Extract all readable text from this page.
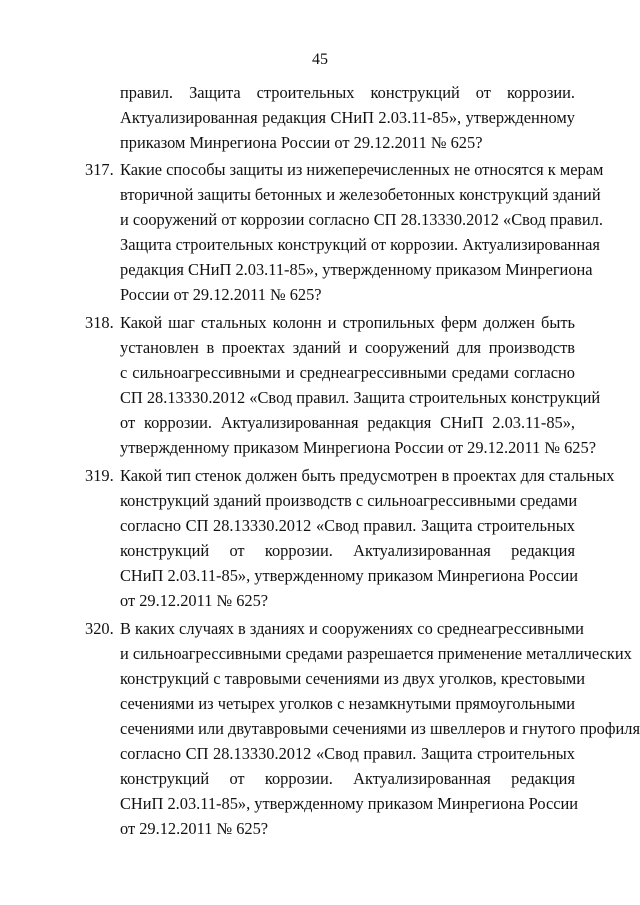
45
правил. Защита строительных конструкций от коррозии.
Актуализированная редакция СНиП 2.03.11-85», утвержденному
приказом Минрегиона России от 29.12.2011 № 625?
317. Какие способы защиты из нижеперечисленных не относятся к мерам
вторичной защиты бетонных и железобетонных конструкций зданий
и сооружений от коррозии согласно СП 28.13330.2012 «Свод правил.
Защита строительных конструкций от коррозии. Актуализированная
редакция СНиП 2.03.11-85», утвержденному приказом Минрегиона
России от 29.12.2011 № 625?
318. Какой шаг стальных колонн и стропильных ферм должен быть
установлен в проектах зданий и сооружений для производств
с сильноагрессивными и среднеагрессивными средами согласно
СП 28.13330.2012 «Свод правил. Защита строительных конструкций
от коррозии. Актуализированная редакция СНиП 2.03.11-85»,
утвержденному приказом Минрегиона России от 29.12.2011 № 625?
319. Какой тип стенок должен быть предусмотрен в проектах для стальных
конструкций зданий производств с сильноагрессивными средами
согласно СП 28.13330.2012 «Свод правил. Защита строительных
конструкций от коррозии. Актуализированная редакция
СНиП 2.03.11-85», утвержденному приказом Минрегиона России
от 29.12.2011 № 625?
320. В каких случаях в зданиях и сооружениях со среднеагрессивными
и сильноагрессивными средами разрешается применение металлических
конструкций с тавровыми сечениями из двух уголков, крестовыми
сечениями из четырех уголков с незамкнутыми прямоугольными
сечениями или двутавровыми сечениями из швеллеров и гнутого профиля
согласно СП 28.13330.2012 «Свод правил. Защита строительных
конструкций от коррозии. Актуализированная редакция
СНиП 2.03.11-85», утвержденному приказом Минрегиона России
от 29.12.2011 № 625?
